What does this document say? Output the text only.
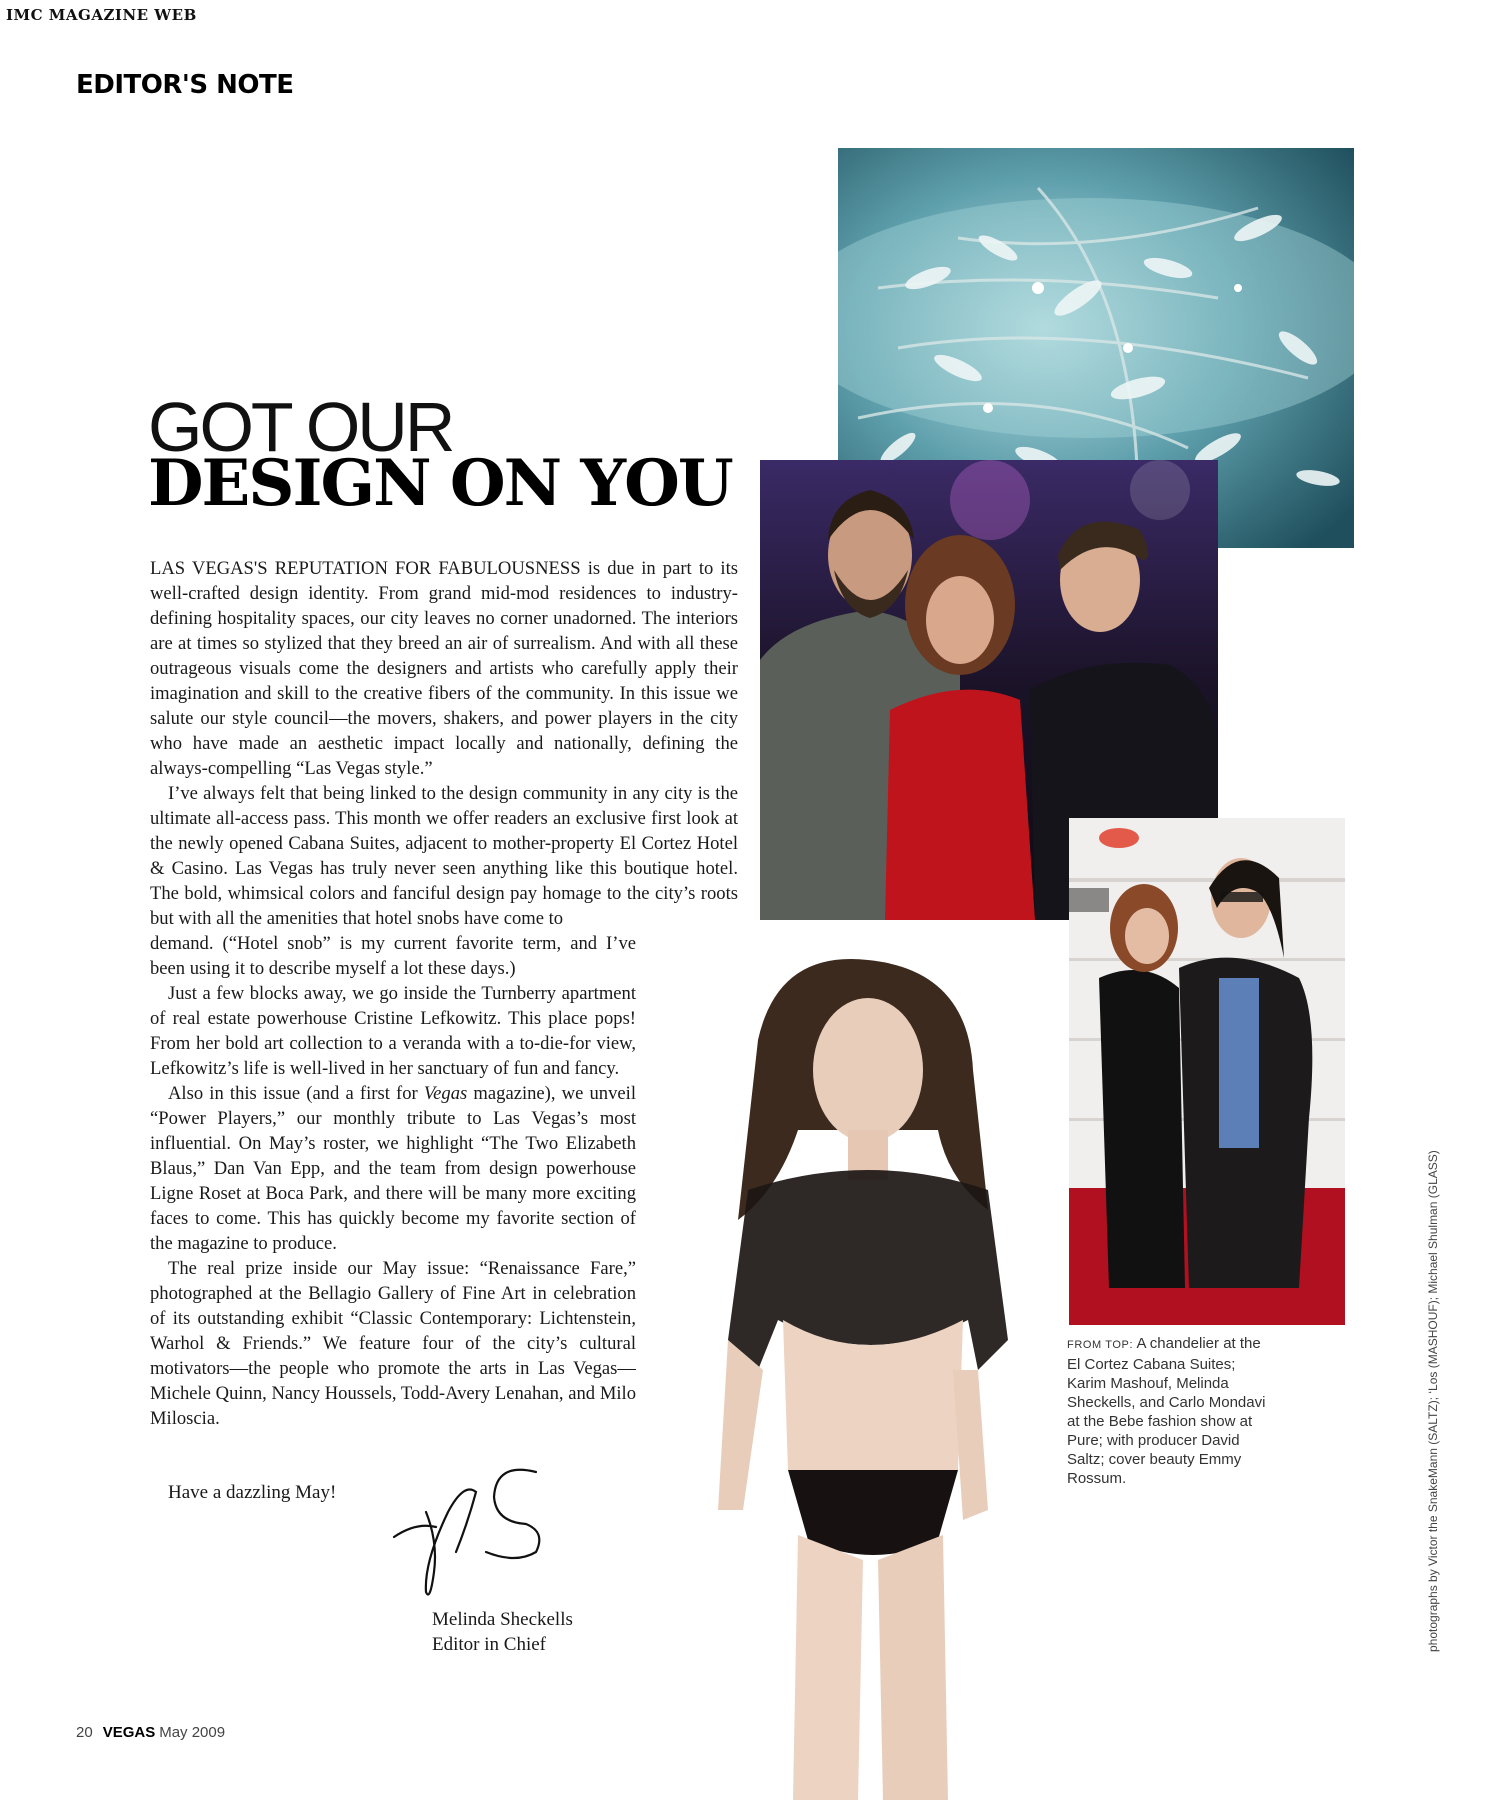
IMC MAGAZINE WEB
EDITOR'S NOTE
GOT OUR
DESIGN ON YOU

LAS VEGAS'S REPUTATION FOR FABULOUSNESS is due in part to its well-crafted design identity. From grand mid-mod residences to industry-defining hospitality spaces, our city leaves no corner unadorned. The interiors are at times so stylized that they breed an air of surrealism. And with all these outrageous visuals come the designers and artists who carefully apply their imagination and skill to the creative fibers of the community. In this issue we salute our style council—the movers, shakers, and power players in the city who have made an aesthetic impact locally and nationally, defining the always-compelling “Las Vegas style.”

I’ve always felt that being linked to the design community in any city is the ultimate all-access pass. This month we offer readers an exclusive first look at the newly opened Cabana Suites, adjacent to mother-property El Cortez Hotel & Casino. Las Vegas has truly never seen anything like this boutique hotel. The bold, whimsical colors and fanciful design pay homage to the city’s roots but with all the amenities that hotel snobs have come to

demand. (“Hotel snob” is my current favorite term, and I’ve been using it to describe myself a lot these days.)

Just a few blocks away, we go inside the Turnberry apartment of real estate powerhouse Cristine Lefkowitz. This place pops! From her bold art collection to a veranda with a to-die-for view, Lefkowitz’s life is well-lived in her sanctuary of fun and fancy.

Also in this issue (and a first for Vegas magazine), we unveil “Power Players,” our monthly tribute to Las Vegas’s most influential. On May’s roster, we highlight “The Two Elizabeth Blaus,” Dan Van Epp, and the team from design powerhouse Ligne Roset at Boca Park, and there will be many more exciting faces to come. This has quickly become my favorite section of the magazine to produce.

The real prize inside our May issue: “Renaissance Fare,” photographed at the Bellagio Gallery of Fine Art in celebration of its outstanding exhibit “Classic Contemporary: Lichtenstein, Warhol & Friends.” We feature four of the city’s cultural motivators—the people who promote the arts in Las Vegas—Michele Quinn, Nancy Houssels, Todd-Avery Lenahan, and Milo Miloscia.

Have a dazzling May!
Melinda Sheckells
Editor in Chief
FROM TOP: A chandelier at the El Cortez Cabana Suites; Karim Mashouf, Melinda Sheckells, and Carlo Mondavi at the Bebe fashion show at Pure; with producer David Saltz; cover beauty Emmy Rossum.	photographs by Victor the SnakeMann (SALTZ); ‘Los (MASHOUF); Michael Shulman (GLASS)
20 VEGAS May 2009
